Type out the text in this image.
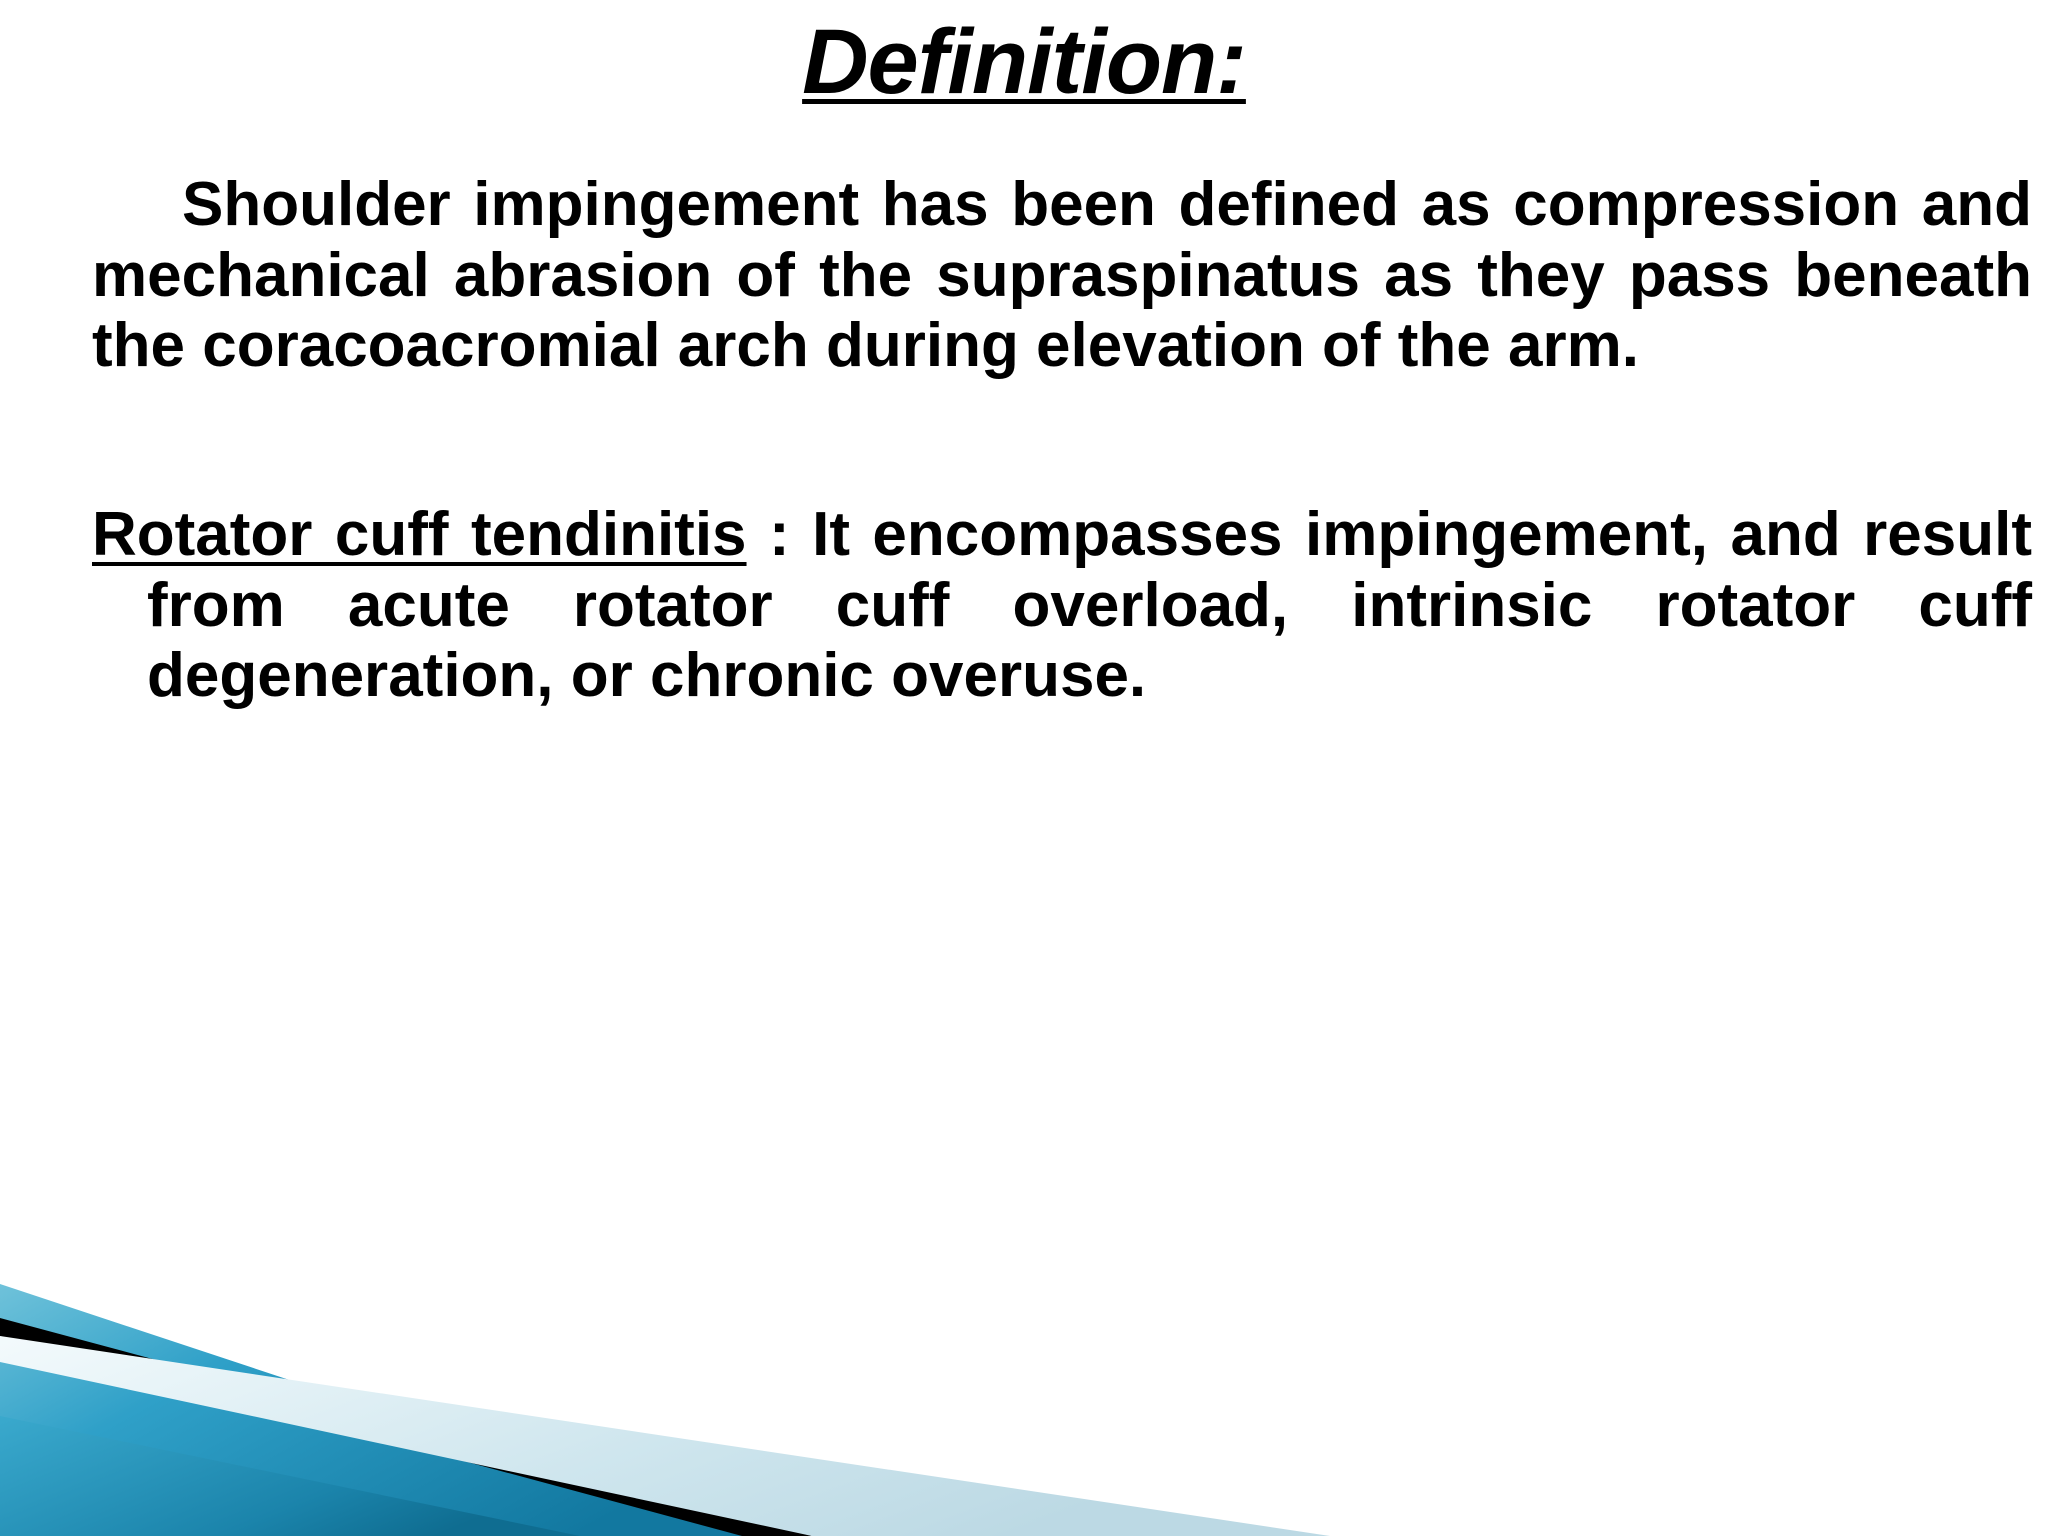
Definition:
Shoulder impingement has been defined as compression and mechanical abrasion of the supraspinatus as they pass beneath the coracoacromial arch during elevation of the arm.
Rotator cuff tendinitis : It encompasses impingement, and result from acute rotator cuff overload, intrinsic rotator cuff degeneration, or chronic overuse.
